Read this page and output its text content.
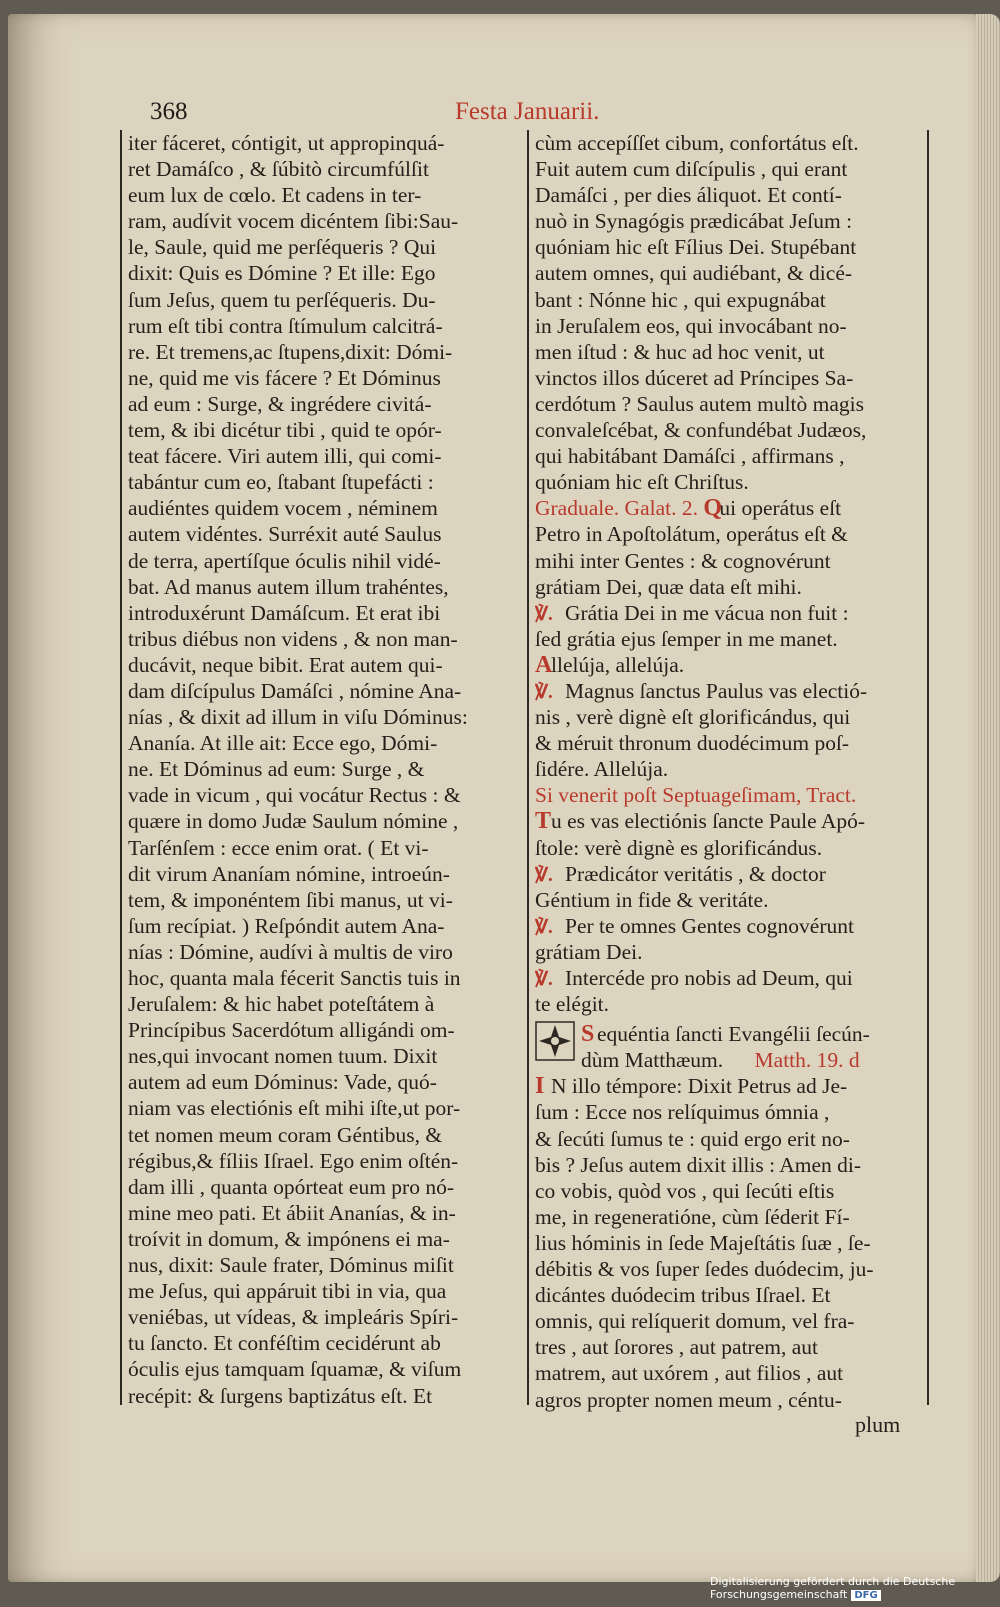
368	Festa Januarii.
iter fáceret, cóntigit, ut appropinquá-
ret Damáſco , & ſúbitò circumfúlſit
eum lux de cœlo. Et cadens in ter-
ram, audívit vocem dicéntem ſibi:Sau-
le, Saule, quid me perſéqueris ? Qui
dixit: Quis es Dómine ? Et ille: Ego
ſum Jeſus, quem tu perſéqueris. Du-
rum eſt tibi contra ſtímulum calcitrá-
re. Et tremens,ac ſtupens,dixit: Dómi-
ne, quid me vis fácere ? Et Dóminus
ad eum : Surge, & ingrédere civitá-
tem, & ibi dicétur tibi , quid te opór-
teat fácere. Viri autem illi, qui comi-
tabántur cum eo, ſtabant ſtupefácti :
audiéntes quidem vocem , néminem
autem vidéntes. Surréxit auté Saulus
de terra, apertíſque óculis nihil vidé-
bat. Ad manus autem illum trahéntes,
introduxérunt Damáſcum. Et erat ibi
tribus diébus non videns , & non man-
ducávit, neque bibit. Erat autem qui-
dam diſcípulus Damáſci , nómine Ana-
nías , & dixit ad illum in viſu Dóminus:
Ananía. At ille ait: Ecce ego, Dómi-
ne. Et Dóminus ad eum: Surge , &
vade in vicum , qui vocátur Rectus : &
quære in domo Judæ Saulum nómine ,
Tarſénſem : ecce enim orat. ( Et vi-
dit virum Ananíam nómine, introeún-
tem, & imponéntem ſibi manus, ut vi-
ſum recípiat. ) Reſpóndit autem Ana-
nías : Dómine, audívi à multis de viro
hoc, quanta mala fécerit Sanctis tuis in
Jeruſalem: & hic habet poteſtátem à
Princípibus Sacerdótum alligándi om-
nes,qui invocant nomen tuum. Dixit
autem ad eum Dóminus: Vade, quó-
niam vas electiónis eſt mihi iſte,ut por-
tet nomen meum coram Géntibus, &
régibus,& fíliis Iſrael. Ego enim oſtén-
dam illi , quanta opórteat eum pro nó-
mine meo pati. Et ábiit Ananías, & in-
troívit in domum, & impónens ei ma-
nus, dixit: Saule frater, Dóminus miſit
me Jeſus, qui appáruit tibi in via, qua
veniébas, ut vídeas, & impleáris Spíri-
tu ſancto. Et conféſtim cecidérunt ab
óculis ejus tamquam ſquamæ, & viſum
recépit: & ſurgens baptizátus eſt. Et
cùm accepíſſet cibum, confortátus eſt.
Fuit autem cum diſcípulis , qui erant
Damáſci , per dies áliquot. Et contí-
nuò in Synagógis prædicábat Jeſum :
quóniam hic eſt Fílius Dei. Stupébant
autem omnes, qui audiébant, & dicé-
bant : Nónne hic , qui expugnábat
in Jeruſalem eos, qui invocábant no-
men iſtud : & huc ad hoc venit, ut
vinctos illos dúceret ad Príncipes Sa-
cerdótum ? Saulus autem multò magis
convaleſcébat, & confundébat Judæos,
qui habitábant Damáſci , affirmans ,
quóniam hic eſt Chriſtus.
Graduale. Galat. 2. Qui operátus eſt
Petro in Apoſtolátum, operátus eſt &
mihi inter Gentes : & cognovérunt
grátiam Dei, quæ data eſt mihi.
℣. Grátia Dei in me vácua non fuit :
ſed grátia ejus ſemper in me manet.
Allelúja, allelúja.
℣. Magnus ſanctus Paulus vas electió-
nis , verè dignè eſt glorificándus, qui
& méruit thronum duodécimum poſ-
ſidére. Allelúja.
Si venerit poſt Septuageſimam, Tract.
Tu es vas electiónis ſancte Paule Apó-
ſtole: verè dignè es glorificándus.
℣. Prædicátor veritátis , & doctor
Géntium in fide & veritáte.
℣. Per te omnes Gentes cognovérunt
grátiam Dei.
℣. Intercéde pro nobis ad Deum, qui
te elégit.
S equéntia ſancti Evangélii ſecún-
dùm Matthæum. Matth. 19. d
I N illo témpore: Dixit Petrus ad Je-
ſum : Ecce nos relíquimus ómnia ,
& ſecúti ſumus te : quid ergo erit no-
bis ? Jeſus autem dixit illis : Amen di-
co vobis, quòd vos , qui ſecúti eſtis
me, in regeneratióne, cùm ſéderit Fí-
lius hóminis in ſede Majeſtátis ſuæ , ſe-
débitis & vos ſuper ſedes duódecim, ju-
dicántes duódecim tribus Iſrael. Et
omnis, qui relíquerit domum, vel fra-
tres , aut ſorores , aut patrem, aut
matrem, aut uxórem , aut filios , aut
agros propter nomen meum , céntu-
plum
Digitalisierung gefördert durch die Deutsche Forschungsgemeinschaft DFG
